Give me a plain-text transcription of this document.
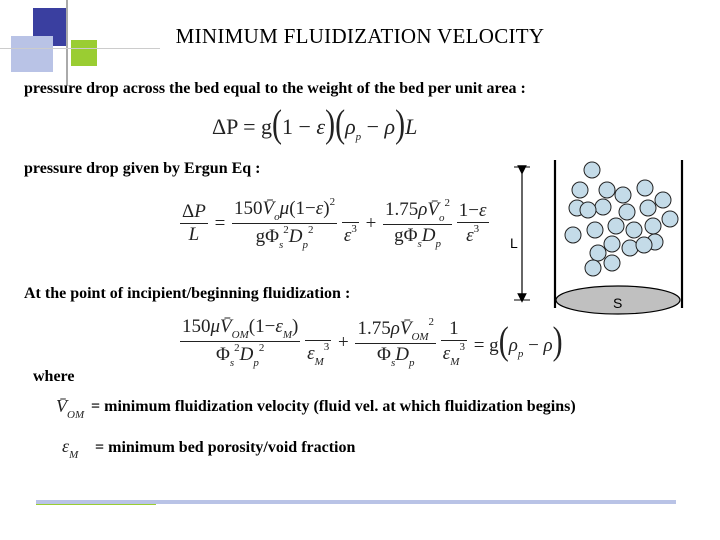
MINIMUM FLUIDIZATION VELOCITY
pressure drop across the bed equal to the weight of the bed per unit area :
$\Delta P = g(1 - \varepsilon)(\rho_p - \rho)L$
pressure drop given by Ergun Eq :
$\frac{\Delta P}{L} = \frac{150V̄_o\mu(1-\varepsilon)^2}{g\Phi_s^2D_p^2}$

$\varepsilon^3 + \frac{1.75\rho V̄_o^2}{g\Phi_sD_p}$
$\frac{1-\varepsilon}{\varepsilon^3}$
At the point of incipient/beginning fluidization :
$\frac{150\mu V̄_{OM}(1-\varepsilon_M)}{\Phi_s^2D_p^2}$

$\varepsilon_M^3 + \frac{1.75\rho V̄_{OM}^2}{\Phi_sD_p}$
$\frac{1}{\varepsilon_M^3} = g(\rho_p - \rho)$
where
$V̄_{OM}$ = minimum fluidization velocity (fluid vel. at which fluidization begins)
$\varepsilon_M$ = minimum bed porosity/void fraction
S
L
